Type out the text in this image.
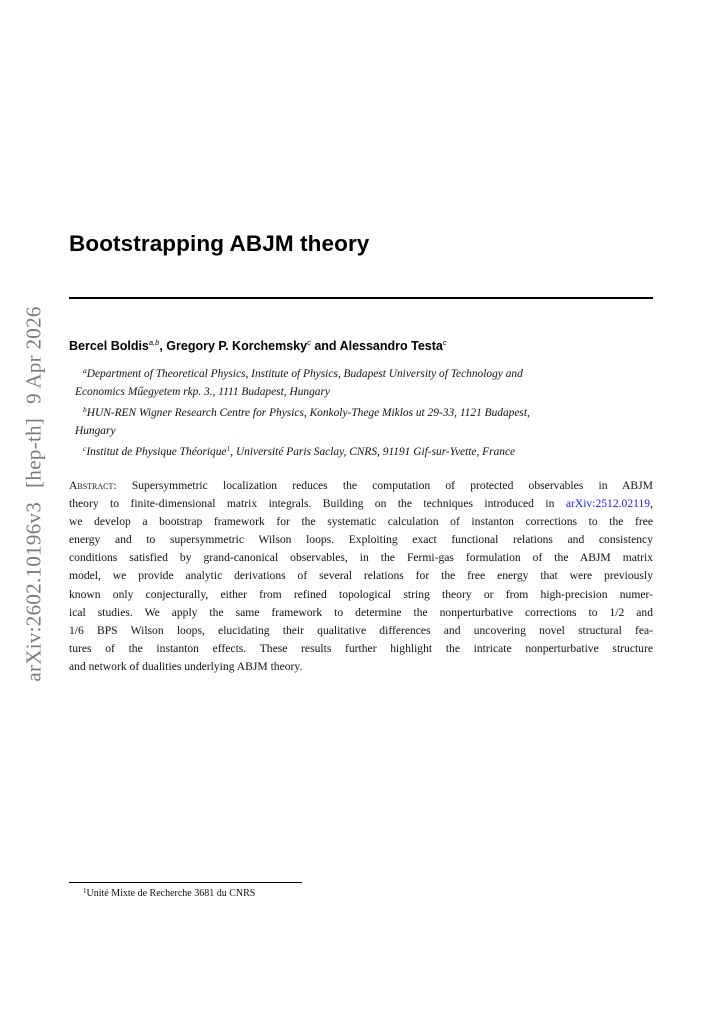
arXiv:2602.10196v3[hep-th]9 Apr 2026
Bootstrapping ABJM theory
Bercel Boldis$^{a,b}$, Gregory P. Korchemsky$^c$ and Alessandro Testa$^c$
$^a$Department of Theoretical Physics, Institute of Physics, Budapest University of Technology and
Economics Műegyetem rkp. 3., 1111 Budapest, Hungary
$^b$HUN-REN Wigner Research Centre for Physics, Konkoly-Thege Miklos ut 29-33, 1121 Budapest,
Hungary
$^c$Institut de Physique Théorique$^1$, Université Paris Saclay, CNRS, 91191 Gif-sur-Yvette, France
Abstract: Supersymmetric localization reduces the computation of protected observables in ABJM
theory to finite-dimensional matrix integrals. Building on the techniques introduced in arXiv:2512.02119,
we develop a bootstrap framework for the systematic calculation of instanton corrections to the free
energy and to supersymmetric Wilson loops. Exploiting exact functional relations and consistency
conditions satisfied by grand-canonical observables, in the Fermi-gas formulation of the ABJM matrix
model, we provide analytic derivations of several relations for the free energy that were previously
known only conjecturally, either from refined topological string theory or from high-precision numer-
ical studies. We apply the same framework to determine the nonperturbative corrections to 1/2 and
1/6 BPS Wilson loops, elucidating their qualitative differences and uncovering novel structural fea-
tures of the instanton effects. These results further highlight the intricate nonperturbative structure
and network of dualities underlying ABJM theory.
$^1$Unité Mixte de Recherche 3681 du CNRS
